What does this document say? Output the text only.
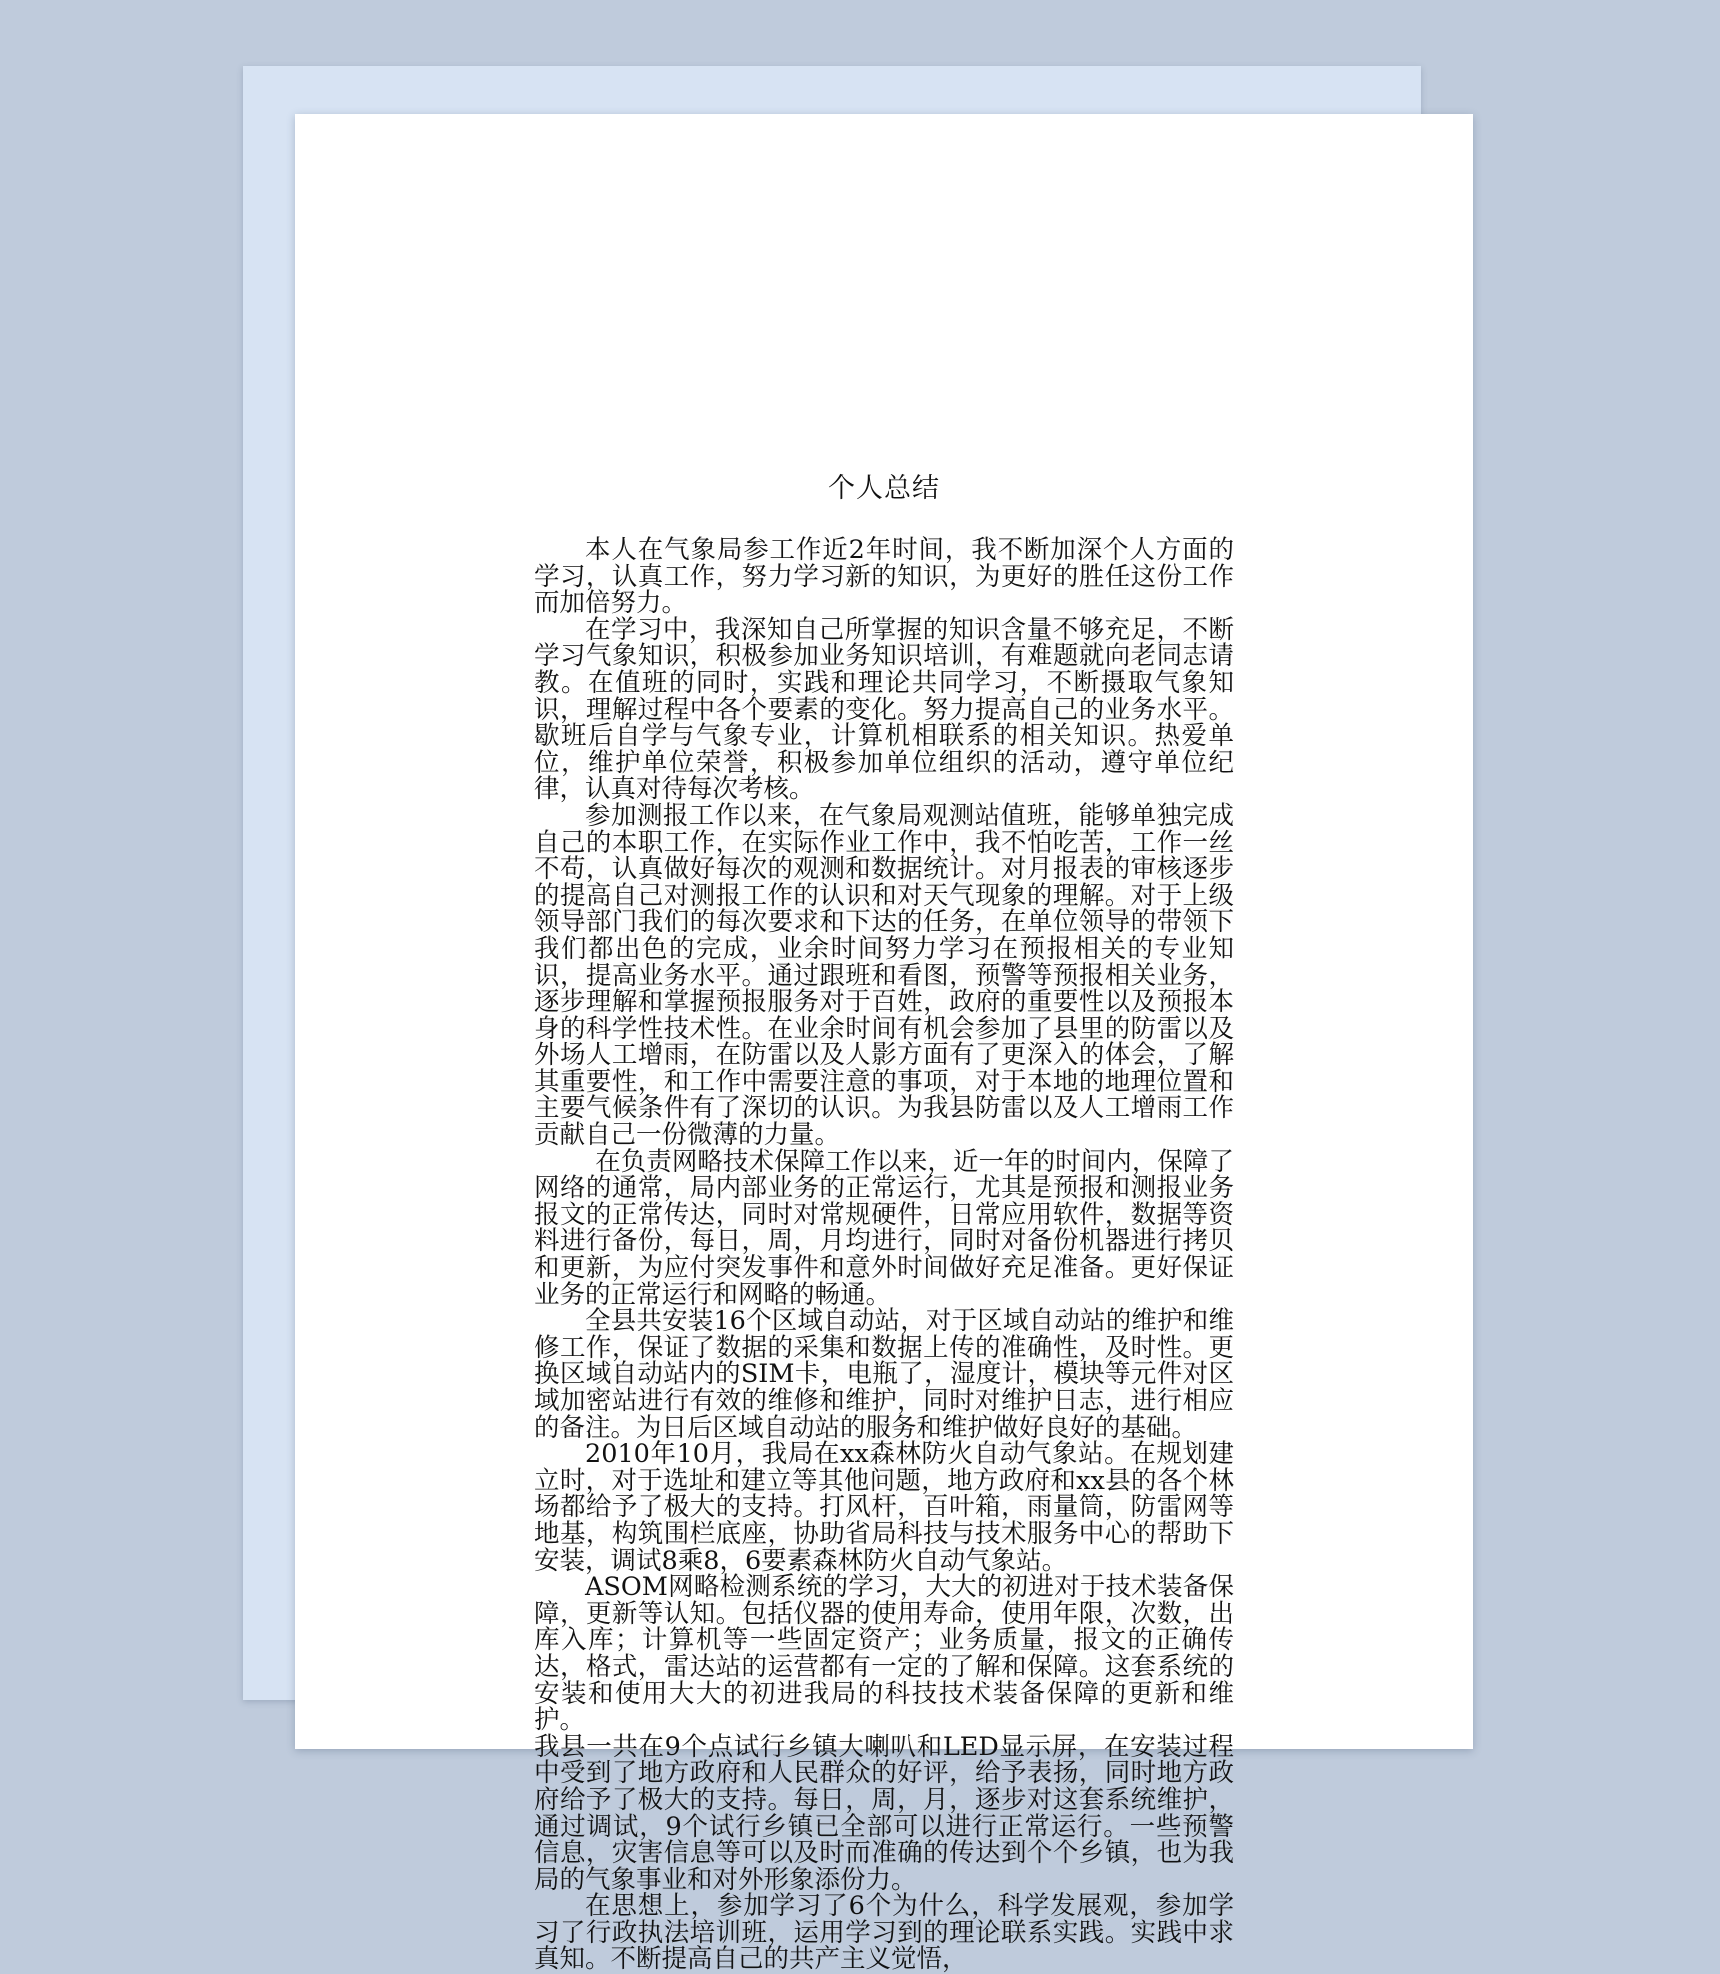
个人总结

本人在气象局参工作近2年时间，我不断加深个人方面的学习，认真工作，努力学习新的知识，为更好的胜任这份工作而加倍努力。

在学习中，我深知自己所掌握的知识含量不够充足，不断学习气象知识，积极参加业务知识培训，有难题就向老同志请教。在值班的同时，实践和理论共同学习，不断摄取气象知识，理解过程中各个要素的变化。努力提高自己的业务水平。歇班后自学与气象专业，计算机相联系的相关知识。热爱单位，维护单位荣誉，积极参加单位组织的活动，遵守单位纪律，认真对待每次考核。

参加测报工作以来，在气象局观测站值班，能够单独完成自己的本职工作，在实际作业工作中，我不怕吃苦，工作一丝不苟，认真做好每次的观测和数据统计。对月报表的审核逐步的提高自己对测报工作的认识和对天气现象的理解。对于上级领导部门我们的每次要求和下达的任务，在单位领导的带领下我们都出色的完成，业余时间努力学习在预报相关的专业知识，提高业务水平。通过跟班和看图，预警等预报相关业务，逐步理解和掌握预报服务对于百姓，政府的重要性以及预报本身的科学性技术性。在业余时间有机会参加了县里的防雷以及外场人工增雨，在防雷以及人影方面有了更深入的体会，了解其重要性，和工作中需要注意的事项，对于本地的地理位置和主要气候条件有了深切的认识。为我县防雷以及人工增雨工作贡献自己一份微薄的力量。

在负责网略技术保障工作以来，近一年的时间内，保障了网络的通常，局内部业务的正常运行，尤其是预报和测报业务报文的正常传达，同时对常规硬件，日常应用软件，数据等资料进行备份，每日，周，月均进行，同时对备份机器进行拷贝和更新，为应付突发事件和意外时间做好充足准备。更好保证业务的正常运行和网略的畅通。

全县共安装16个区域自动站，对于区域自动站的维护和维修工作，保证了数据的采集和数据上传的准确性，及时性。更换区域自动站内的SIM卡，电瓶了，湿度计，模块等元件对区域加密站进行有效的维修和维护，同时对维护日志，进行相应的备注。为日后区域自动站的服务和维护做好良好的基础。

2010年10月，我局在xx森林防火自动气象站。在规划建立时，对于选址和建立等其他问题，地方政府和xx县的各个林场都给予了极大的支持。打风杆，百叶箱，雨量筒，防雷网等地基，构筑围栏底座，协助省局科技与技术服务中心的帮助下安装，调试8乘8，6要素森林防火自动气象站。

ASOM网略检测系统的学习，大大的初进对于技术装备保障，更新等认知。包括仪器的使用寿命，使用年限，次数，出库入库；计算机等一些固定资产；业务质量，报文的正确传达，格式，雷达站的运营都有一定的了解和保障。这套系统的安装和使用大大的初进我局的科技技术装备保障的更新和维护。

我县一共在9个点试行乡镇大喇叭和LED显示屏，在安装过程中受到了地方政府和人民群众的好评，给予表扬，同时地方政府给予了极大的支持。每日，周，月，逐步对这套系统维护，通过调试，9个试行乡镇已全部可以进行正常运行。一些预警信息，灾害信息等可以及时而准确的传达到个个乡镇，也为我局的气象事业和对外形象添份力。

在思想上，参加学习了6个为什么，科学发展观，参加学习了行政执法培训班，运用学习到的理论联系实践。实践中求真知。不断提高自己的共产主义觉悟，
